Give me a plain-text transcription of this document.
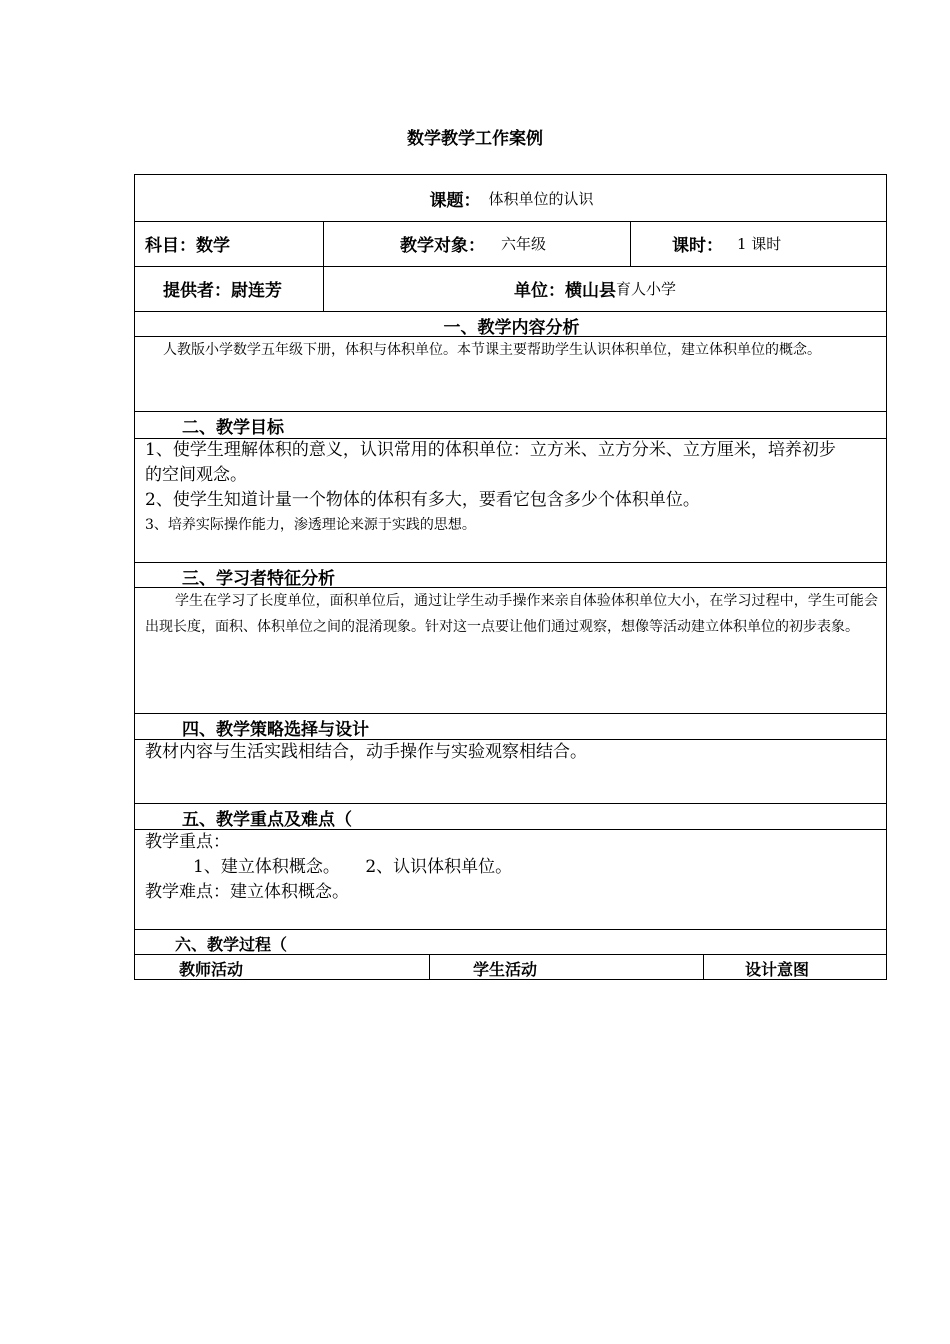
数学教学工作案例
课题： 体积单位的认识
科目：数学	教学对象： 六年级	课时： 1 课时
提供者：尉连芳	单位：横山县 育人小学
一、教学内容分析
人教版小学数学五年级下册，体积与体积单位。本节课主要帮助学生认识体积单位，建立体积单位的概念。
二、教学目标
1、使学生理解体积的意义，认识常用的体积单位：立方米、立方分米、立方厘米，培养初步
的空间观念。
2、使学生知道计量一个物体的体积有多大，要看它包含多少个体积单位。
3、培养实际操作能力，渗透理论来源于实践的思想。
三、学习者特征分析
学生在学习了长度单位，面积单位后，通过让学生动手操作来亲自体验体积单位大小，在学习过程中，学生可能会出现长度，面积、体积单位之间的混淆现象。针对这一点要让他们通过观察，想像等活动建立体积单位的初步表象。
四、教学策略选择与设计
教材内容与生活实践相结合，动手操作与实验观察相结合。
五、教学重点及难点（
教学重点：
1、建立体积概念。　　2、认识体积单位。
教学难点：建立体积概念。
六、教学过程（
教师活动	学生活动	设计意图
